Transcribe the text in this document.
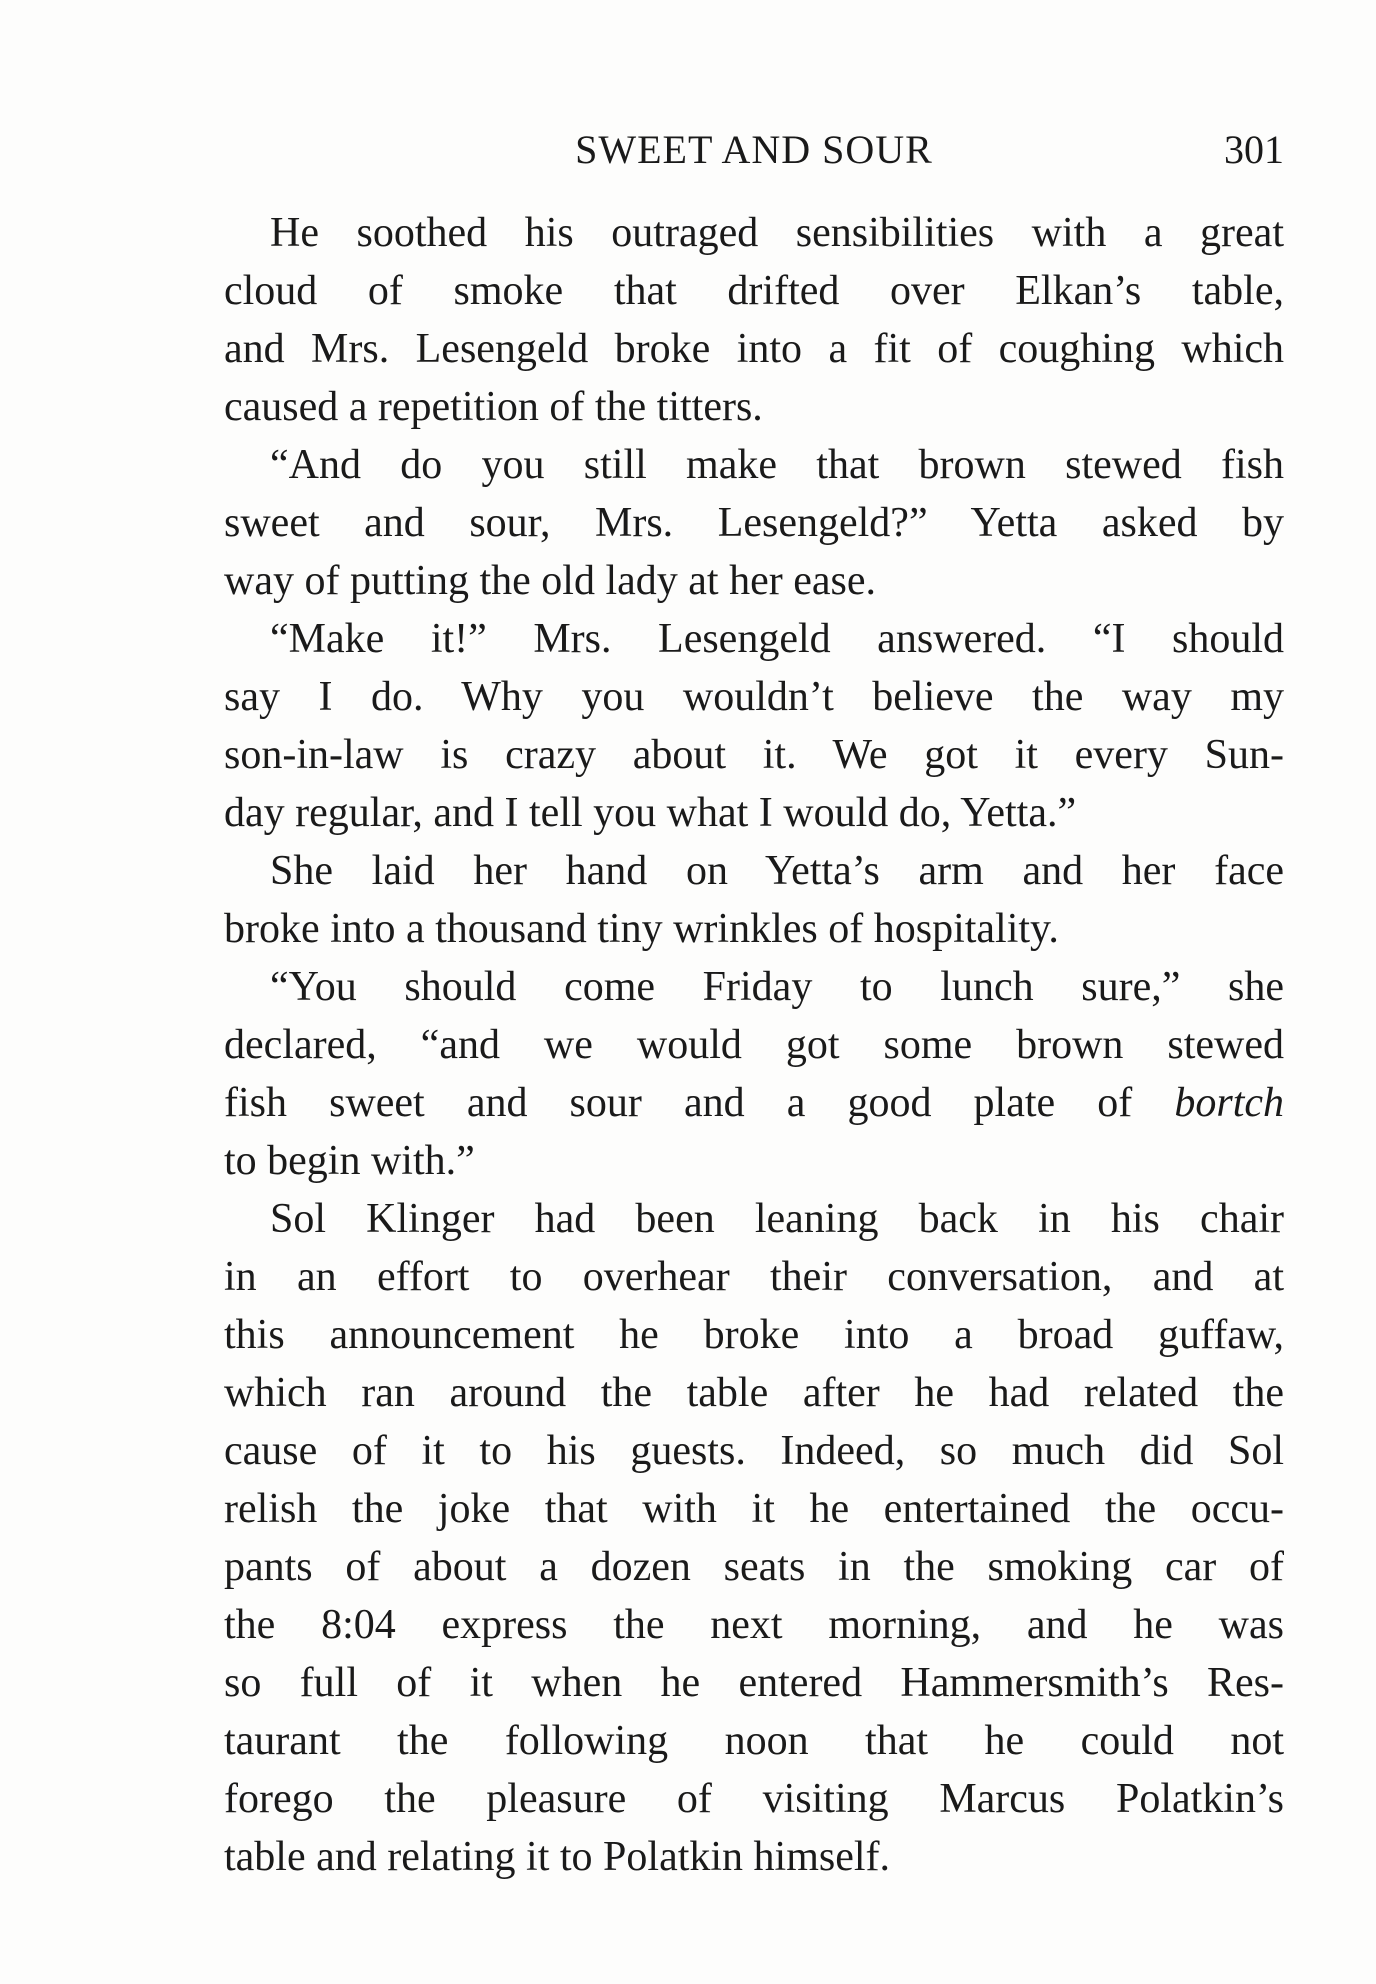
SWEET AND SOUR	301
He soothed his outraged sensibilities with a great
cloud of smoke that drifted over Elkan’s table,
and Mrs. Lesengeld broke into a fit of coughing which
caused a repetition of the titters.
“And do you still make that brown stewed fish
sweet and sour, Mrs. Lesengeld?” Yetta asked by
way of putting the old lady at her ease.
“Make it!” Mrs. Lesengeld answered. “I should
say I do. Why you wouldn’t believe the way my
son-in-law is crazy about it. We got it every Sun-
day regular, and I tell you what I would do, Yetta.”
She laid her hand on Yetta’s arm and her face
broke into a thousand tiny wrinkles of hospitality.
“You should come Friday to lunch sure,” she
declared, “and we would got some brown stewed
fish sweet and sour and a good plate of bortch
to begin with.”
Sol Klinger had been leaning back in his chair
in an effort to overhear their conversation, and at
this announcement he broke into a broad guffaw,
which ran around the table after he had related the
cause of it to his guests. Indeed, so much did Sol
relish the joke that with it he entertained the occu-
pants of about a dozen seats in the smoking car of
the 8:04 express the next morning, and he was
so full of it when he entered Hammersmith’s Res-
taurant the following noon that he could not
forego the pleasure of visiting Marcus Polatkin’s
table and relating it to Polatkin himself.
